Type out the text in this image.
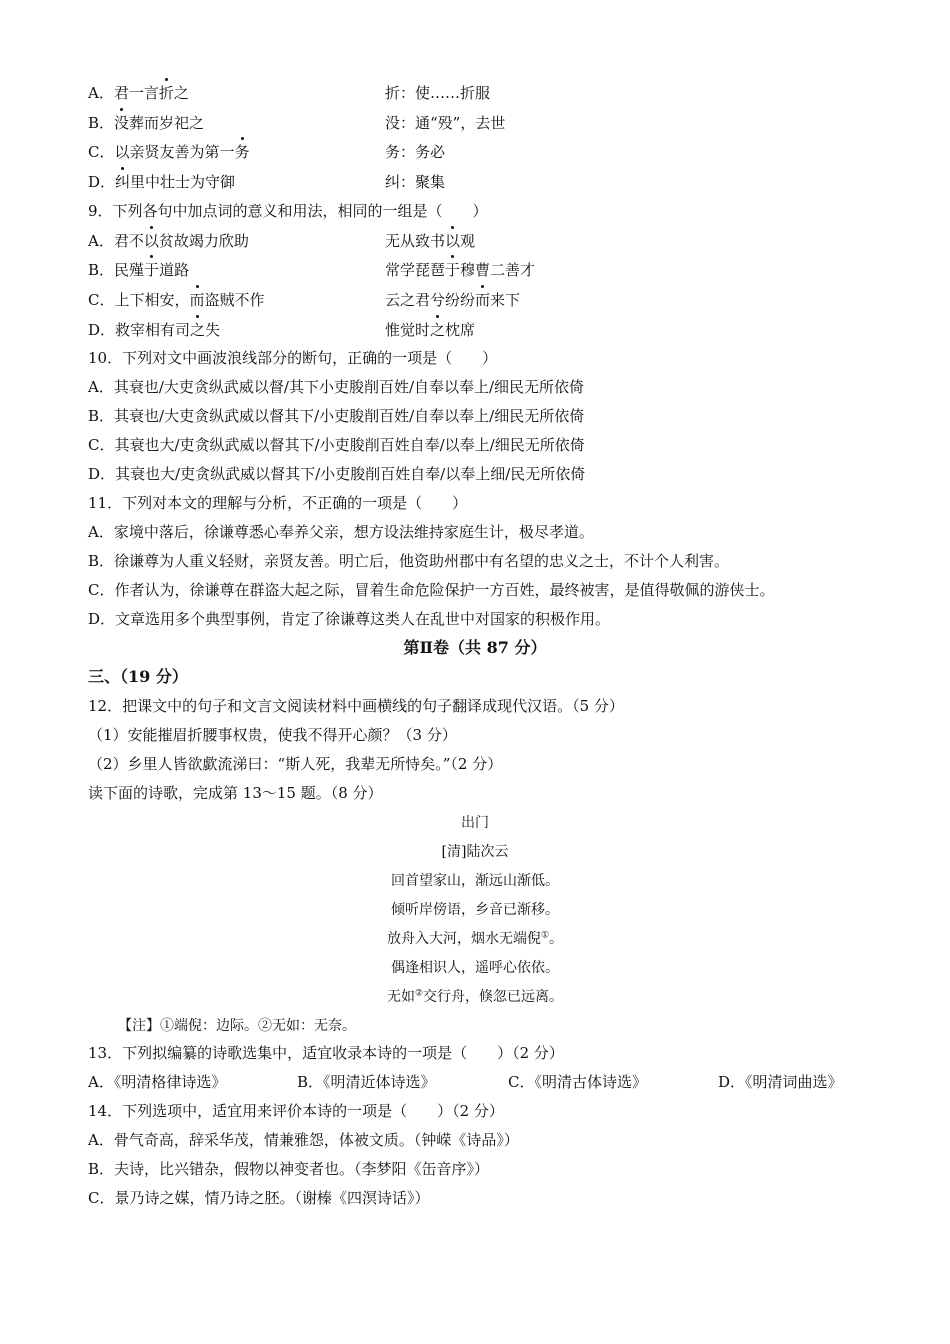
A．君一言折之	折：使……折服
B．没葬而岁祀之	没：通“殁”，去世
C．以亲贤友善为第一务	务：务必
D．纠里中壮士为守御	纠：聚集
9．下列各句中加点词的意义和用法，相同的一组是（　　）
A．君不以贫故竭力欣助	无从致书以观
B．民殣于道路	常学琵琶于穆曹二善才
C．上下相安，而盗贼不作	云之君兮纷纷而来下
D．救宰相有司之失	惟觉时之枕席
10．下列对文中画波浪线部分的断句，正确的一项是（　　）
A．其衰也/大吏贪纵武威以督/其下小吏朘削百姓/自奉以奉上/细民无所依倚
B．其衰也/大吏贪纵武威以督其下/小吏朘削百姓/自奉以奉上/细民无所依倚
C．其衰也大/吏贪纵武威以督其下/小吏朘削百姓自奉/以奉上/细民无所依倚
D．其衰也大/吏贪纵武威以督其下/小吏朘削百姓自奉/以奉上细/民无所依倚
11．下列对本文的理解与分析，不正确的一项是（　　）
A．家境中落后，徐谦尊悉心奉养父亲，想方设法维持家庭生计，极尽孝道。
B．徐谦尊为人重义轻财，亲贤友善。明亡后，他资助州郡中有名望的忠义之士，不计个人利害。
C．作者认为，徐谦尊在群盗大起之际，冒着生命危险保护一方百姓，最终被害，是值得敬佩的游侠士。
D．文章选用多个典型事例，肯定了徐谦尊这类人在乱世中对国家的积极作用。
第Ⅱ卷（共 87 分）
三、（19 分）
12．把课文中的句子和文言文阅读材料中画横线的句子翻译成现代汉语。（5 分）
（1）安能摧眉折腰事权贵，使我不得开心颜？（3 分）
（2）乡里人皆欲歔流涕曰：“斯人死，我辈无所恃矣。”（2 分）
读下面的诗歌，完成第 13～15 题。（8 分）
出门
[清]陆次云
回首望家山，渐远山渐低。
倾听岸傍语，乡音已渐移。
放舟入大河，烟水无端倪①。
偶逢相识人，遥呼心依依。
无如②交行舟，倏忽已远离。
【注】①端倪：边际。②无如：无奈。
13．下列拟编纂的诗歌选集中，适宜收录本诗的一项是（　　）（2 分）
A．《明清格律诗选》	B．《明清近体诗选》	C．《明清古体诗选》	D．《明清词曲选》
14．下列选项中，适宜用来评价本诗的一项是（　　）（2 分）
A．骨气奇高，辞采华茂，情兼雅怨，体被文质。（钟嵘《诗品》）
B．夫诗，比兴错杂，假物以神变者也。（李梦阳《缶音序》）
C．景乃诗之媒，情乃诗之胚。（谢榛《四溟诗话》）
